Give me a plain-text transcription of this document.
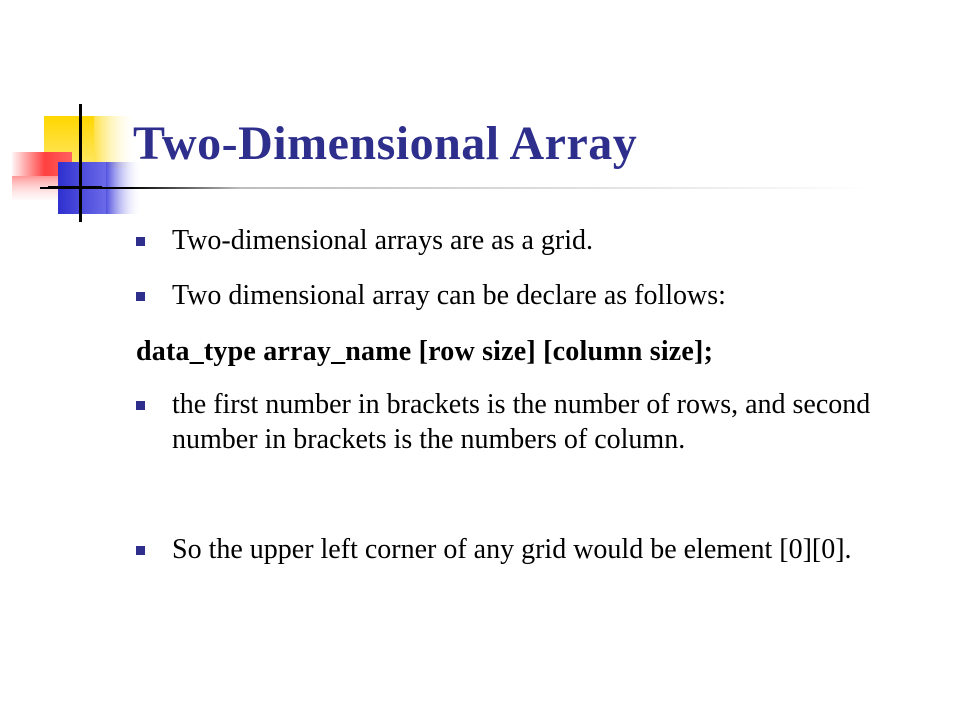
Two-Dimensional Array
Two-dimensional arrays are as a grid.
Two dimensional array can be declare as follows:
data_type array_name [row size] [column size];
the first number in brackets is the number of rows, and second number in brackets is the numbers of column.
So the upper left corner of any grid would be element [0][0].
